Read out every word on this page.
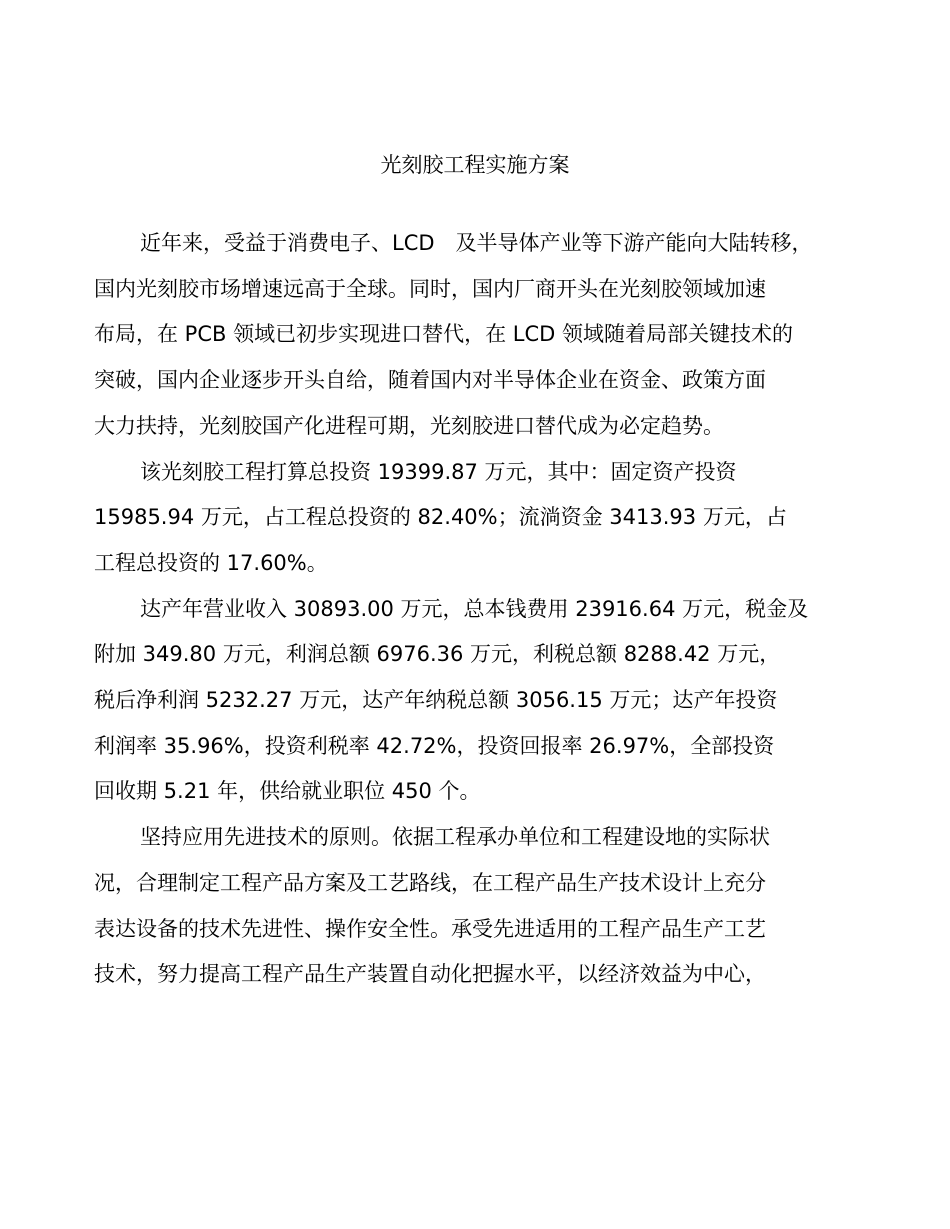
光刻胶工程实施方案
近年来，受益于消费电子、LCD　及半导体产业等下游产能向大陆转移，
国内光刻胶市场增速远高于全球。同时，国内厂商开头在光刻胶领域加速
布局，在 PCB 领域已初步实现进口替代，在 LCD 领域随着局部关键技术的
突破，国内企业逐步开头自给，随着国内对半导体企业在资金、政策方面
大力扶持，光刻胶国产化进程可期，光刻胶进口替代成为必定趋势。
该光刻胶工程打算总投资 19399.87 万元，其中：固定资产投资
15985.94 万元，占工程总投资的 82.40%；流淌资金 3413.93 万元，占
工程总投资的 17.60%。
达产年营业收入 30893.00 万元，总本钱费用 23916.64 万元，税金及
附加 349.80 万元，利润总额 6976.36 万元，利税总额 8288.42 万元，
税后净利润 5232.27 万元，达产年纳税总额 3056.15 万元；达产年投资
利润率 35.96%，投资利税率 42.72%，投资回报率 26.97%，全部投资
回收期 5.21 年，供给就业职位 450 个。
坚持应用先进技术的原则。依据工程承办单位和工程建设地的实际状
况，合理制定工程产品方案及工艺路线，在工程产品生产技术设计上充分
表达设备的技术先进性、操作安全性。承受先进适用的工程产品生产工艺
技术，努力提高工程产品生产装置自动化把握水平，以经济效益为中心，
